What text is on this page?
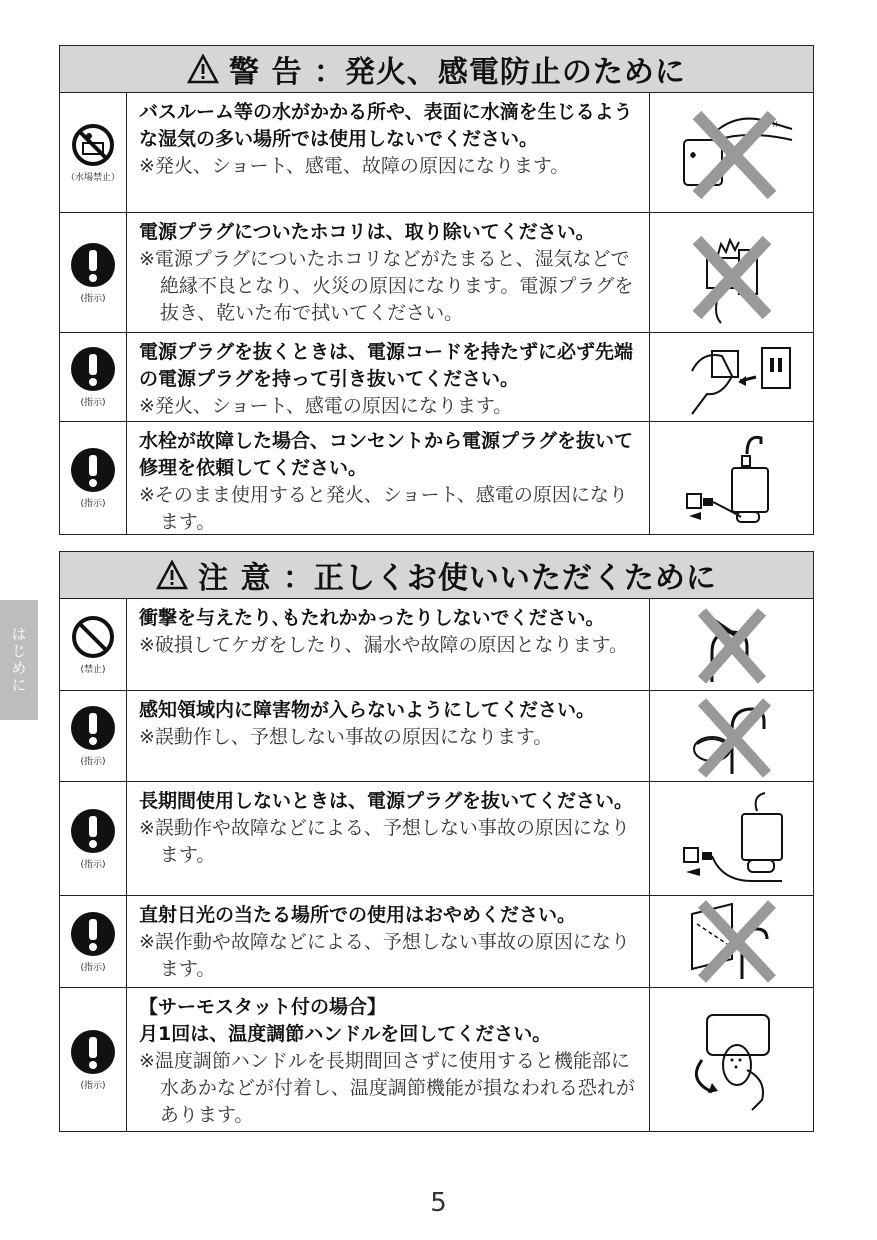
警 告 ：発火、感電防止のために
（水場禁止）
バスルーム等の水がかかる所や、表面に水滴を生じるような湿気の多い場所では使用しないでください。
※発火、ショート、感電、故障の原因になります。
⁾⁾
(指示)
電源プラグについたホコリは、取り除いてください。
※電源プラグについたホコリなどがたまると、湿気などで絶縁不良となり、火災の原因になります。電源プラグを抜き、乾いた布で拭いてください。
(指示)
電源プラグを抜くときは、電源コードを持たずに必ず先端の電源プラグを持って引き抜いてください。
※発火、ショート、感電の原因になります。
(指示)
水栓が故障した場合、コンセントから電源プラグを抜いて修理を依頼してください。
※そのまま使用すると発火、ショート、感電の原因になります。
注 意 ：正しくお使いいただくために
(禁止)
衝撃を与えたり､もたれかかったりしないでください。
※破損してケガをしたり、漏水や故障の原因となります。
(指示)
感知領域内に障害物が入らないようにしてください。
※誤動作し、予想しない事故の原因になります。
(指示)
長期間使用しないときは、電源プラグを抜いてください。
※誤動作や故障などによる、予想しない事故の原因になります。
(指示)
直射日光の当たる場所での使用はおやめください。
※誤作動や故障などによる、予想しない事故の原因になります。
(指示)
【サーモスタット付の場合】
月1回は、温度調節ハンドルを回してください。
※温度調節ハンドルを長期間回さずに使用すると機能部に水あかなどが付着し、温度調節機能が損なわれる恐れがあります。
はじめに
5
